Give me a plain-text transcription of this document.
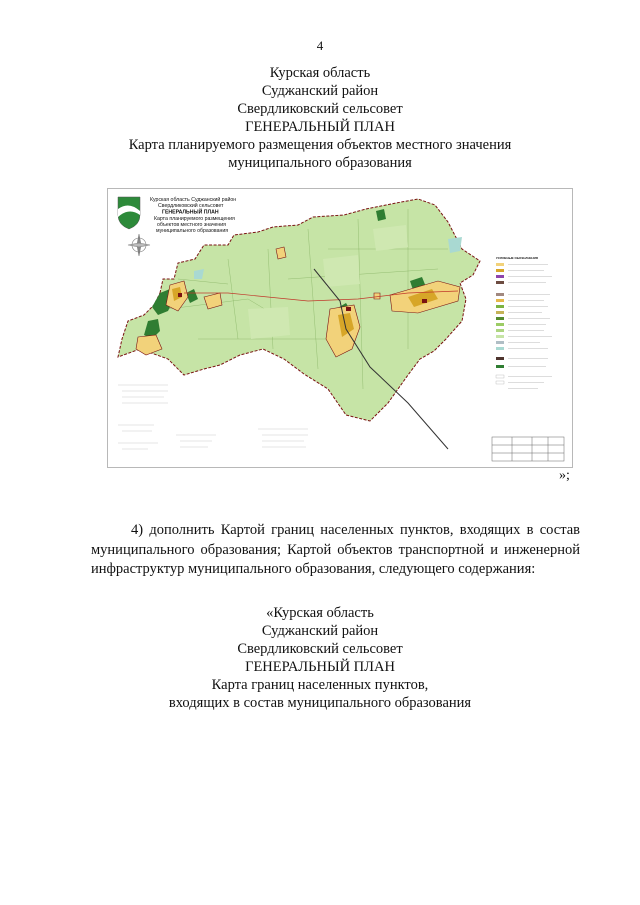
4
Курская область
Суджанский район
Свердликовский сельсовет
ГЕНЕРАЛЬНЫЙ ПЛАН
Карта планируемого размещения объектов местного значения
муниципального образования
Курская область Суджанский район
Свердликовский сельсовет
ГЕНЕРАЛЬНЫЙ ПЛАН
Карта планируемого размещения
объектов местного значения
муниципального образования
УСЛОВНЫЕ ОБОЗНАЧЕНИЯ
»;
4) дополнить Картой границ населенных пунктов, входящих в состав муниципального образования; Картой объектов транспортной и инженерной инфраструктур муниципального образования, следующего содержания:
«Курская область
Суджанский район
Свердликовский сельсовет
ГЕНЕРАЛЬНЫЙ ПЛАН
Карта границ населенных пунктов,
входящих в состав муниципального образования
